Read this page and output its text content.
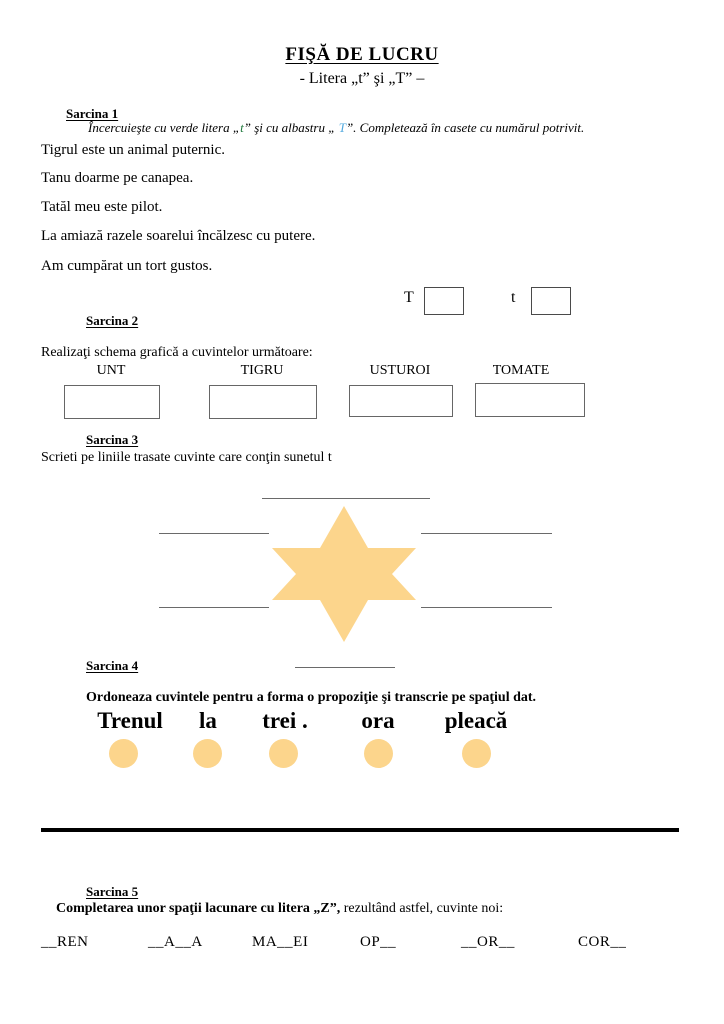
FIŞĂ DE LUCRU
- Litera „t” şi „T” –
Sarcina 1
Încercuieşte cu verde litera „t” şi cu albastru „ T”. Completează în casete cu numărul potrivit.
Tigrul este un animal puternic.
Tanu doarme pe canapea.
Tatăl meu este pilot.
La amiază razele soarelui încălzesc cu putere.
Am cumpărat un tort gustos.
T	t
Sarcina 2
Realizaţi schema grafică a cuvintelor următoare:
UNT	TIGRU	USTUROI	TOMATE
Sarcina 3
Scrieti pe liniile trasate cuvinte care conţin sunetul t
Sarcina 4
Ordoneaza cuvintele pentru a forma o propoziţie şi transcrie pe spaţiul dat.
Trenul	la	trei .	ora	pleacă
Sarcina 5
Completarea unor spaţii lacunare cu litera „Z”, rezultând astfel, cuvinte noi:
__REN	__A__A	MA__EI	OP__	__OR__	COR__
